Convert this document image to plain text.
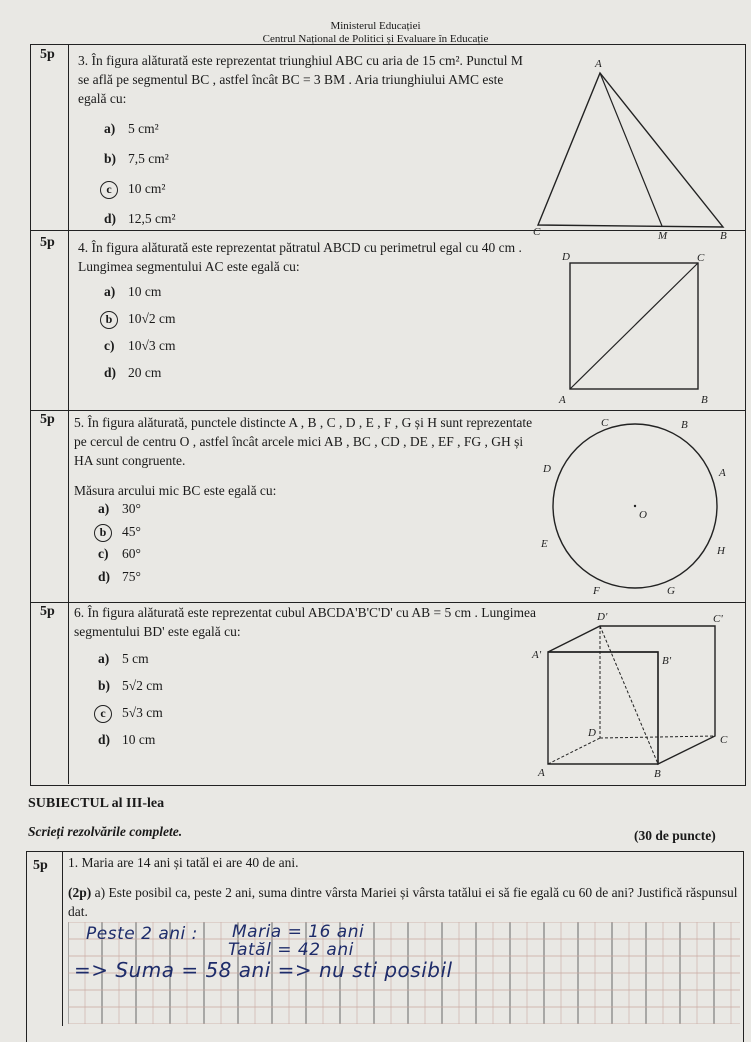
Ministerul Educației
Centrul Național de Politici și Evaluare în Educație
5p 3. În figura alăturată este reprezentat triunghiul ABC cu aria de 15 cm². Punctul M se află pe segmentul BC , astfel încât BC = 3 BM . Aria triunghiului AMC este egală cu:
a) 5 cm²
b) 7,5 cm²
c 10 cm²
d) 12,5 cm²
A
C	M	B
5p 4. În figura alăturată este reprezentat pătratul ABCD cu perimetrul egal cu 40 cm . Lungimea segmentului AC este egală cu:
a) 10 cm
b 10√2 cm
c) 10√3 cm
d) 20 cm
D	C
A	B
5p 5. În figura alăturată, punctele distincte A , B , C , D , E , F , G și H sunt reprezentate pe cercul de centru O , astfel încât arcele mici AB , BC , CD , DE , EF , FG , GH și HA sunt congruente.
Măsura arcului mic BC este egală cu:
a) 30°
b 45°
c) 60°
d) 75°
C	B
D	A
O
E
H
F	G
5p 6. În figura alăturată este reprezentat cubul ABCDA'B'C'D' cu AB = 5 cm . Lungimea segmentului BD' este egală cu:
a) 5 cm
b) 5√2 cm
c 5√3 cm
d) 10 cm
D'	C'
A'	B'
D
C
A	B
SUBIECTUL al III-lea
Scrieți rezolvările complete.	(30 de puncte)
5p 1. Maria are 14 ani și tatăl ei are 40 de ani.
(2p) a) Este posibil ca, peste 2 ani, suma dintre vârsta Mariei și vârsta tatălui ei să fie egală cu 60 de ani? Justifică răspunsul dat.
Peste 2 ani : Maria = 16 ani
Tatăl = 42 ani
=> Suma = 58 ani => nu sti posibil
